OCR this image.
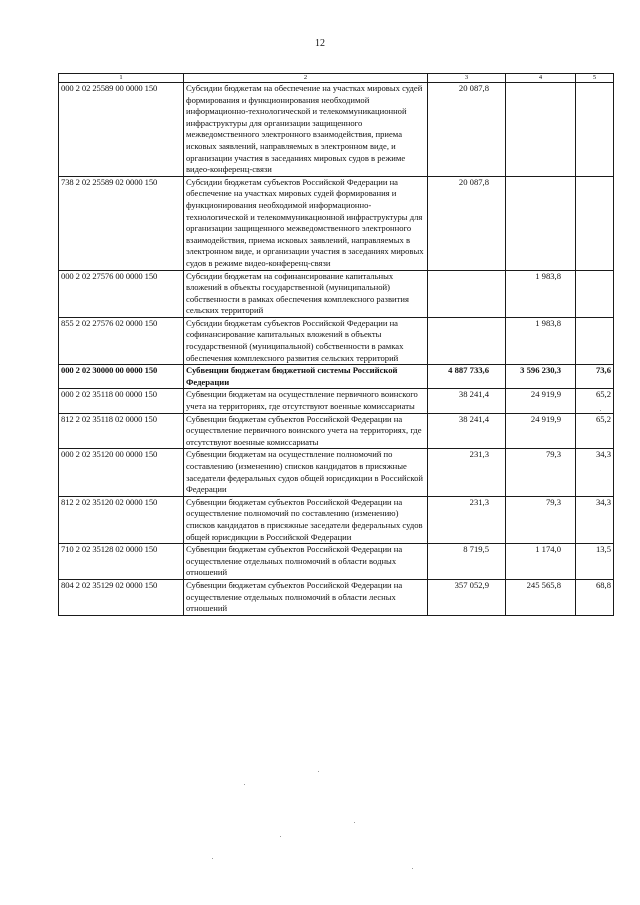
12
1	2	3	4	5
000 2 02 25589 00 0000 150	Субсидии бюджетам на обеспечение на участках мировых судей формирования и функционирования необходимой информационно-технологической и телекоммуникационной инфраструктуры для организации защищенного межведомственного электронного взаимодействия, приема исковых заявлений, направляемых в электронном виде, и организации участия в заседаниях мировых судов в режиме видео-конференц-связи	20 087,8		
738 2 02 25589 02 0000 150	Субсидии бюджетам субъектов Российской Федерации на обеспечение на участках мировых судей формирования и функционирования необходимой информационно-технологической и телекоммуникационной инфраструктуры для организации защищенного межведомственного электронного взаимодействия, приема исковых заявлений, направляемых в электронном виде, и организации участия в заседаниях мировых судов в режиме видео-конференц-связи	20 087,8		
000 2 02 27576 00 0000 150	Субсидии бюджетам на софинансирование капитальных вложений в объекты государственной (муниципальной) собственности в рамках обеспечения комплексного развития сельских территорий		1 983,8	
855 2 02 27576 02 0000 150	Субсидии бюджетам субъектов Российской Федерации на софинансирование капитальных вложений в объекты государственной (муниципальной) собственности в рамках обеспечения комплексного развития сельских территорий		1 983,8	
000 2 02 30000 00 0000 150	Субвенции бюджетам бюджетной системы Российской Федерации	4 887 733,6	3 596 230,3	73,6
000 2 02 35118 00 0000 150	Субвенции бюджетам на осуществление первичного воинского учета на территориях, где отсутствуют военные комиссариаты	38 241,4	24 919,9	65,2
812 2 02 35118 02 0000 150	Субвенции бюджетам субъектов Российской Федерации на осуществление первичного воинского учета на территориях, где отсутствуют военные комиссариаты	38 241,4	24 919,9	65,2
000 2 02 35120 00 0000 150	Субвенции бюджетам на осуществление полномочий по составлению (изменению) списков кандидатов в присяжные заседатели федеральных судов общей юрисдикции в Российской Федерации	231,3	79,3	34,3
812 2 02 35120 02 0000 150	Субвенции бюджетам субъектов Российской Федерации на осуществление полномочий по составлению (изменению) списков кандидатов в присяжные заседатели федеральных судов общей юрисдикции в Российской Федерации	231,3	79,3	34,3
710 2 02 35128 02 0000 150	Субвенции бюджетам субъектов Российской Федерации на осуществление отдельных полномочий в области водных отношений	8 719,5	1 174,0	13,5
804 2 02 35129 02 0000 150	Субвенции бюджетам субъектов Российской Федерации на осуществление отдельных полномочий в области лесных отношений	357 052,9	245 565,8	68,8
